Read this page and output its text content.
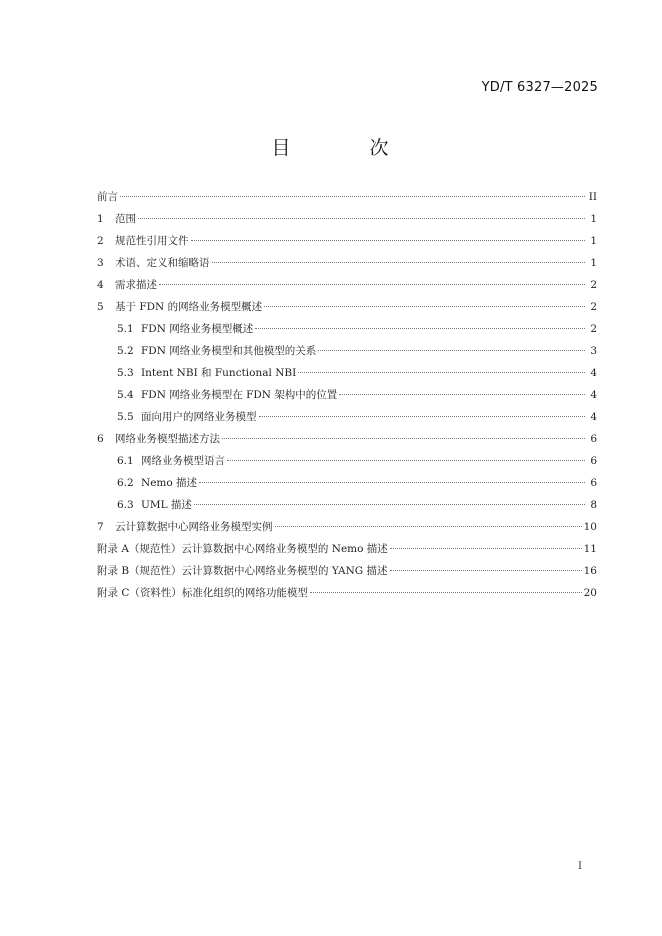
YD/T 6327—2025
目　次
前言	II
1	范围	1
2	规范性引用文件	1
3	术语、定义和缩略语	1
4	需求描述	2
5	基于 FDN 的网络业务模型概述	2
5.1 FDN 网络业务模型概述	2
5.2 FDN 网络业务模型和其他模型的关系	3
5.3 Intent NBI 和 Functional NBI	4
5.4 FDN 网络业务模型在 FDN 架构中的位置	4
5.5 面向用户的网络业务模型	4
6	网络业务模型描述方法	6
6.1 网络业务模型语言	6
6.2 Nemo 描述	6
6.3 UML 描述	8
7	云计算数据中心网络业务模型实例	10
附录 A（规范性）云计算数据中心网络业务模型的 Nemo 描述	11
附录 B（规范性）云计算数据中心网络业务模型的 YANG 描述	16
附录 C（资料性）标准化组织的网络功能模型	20
I
